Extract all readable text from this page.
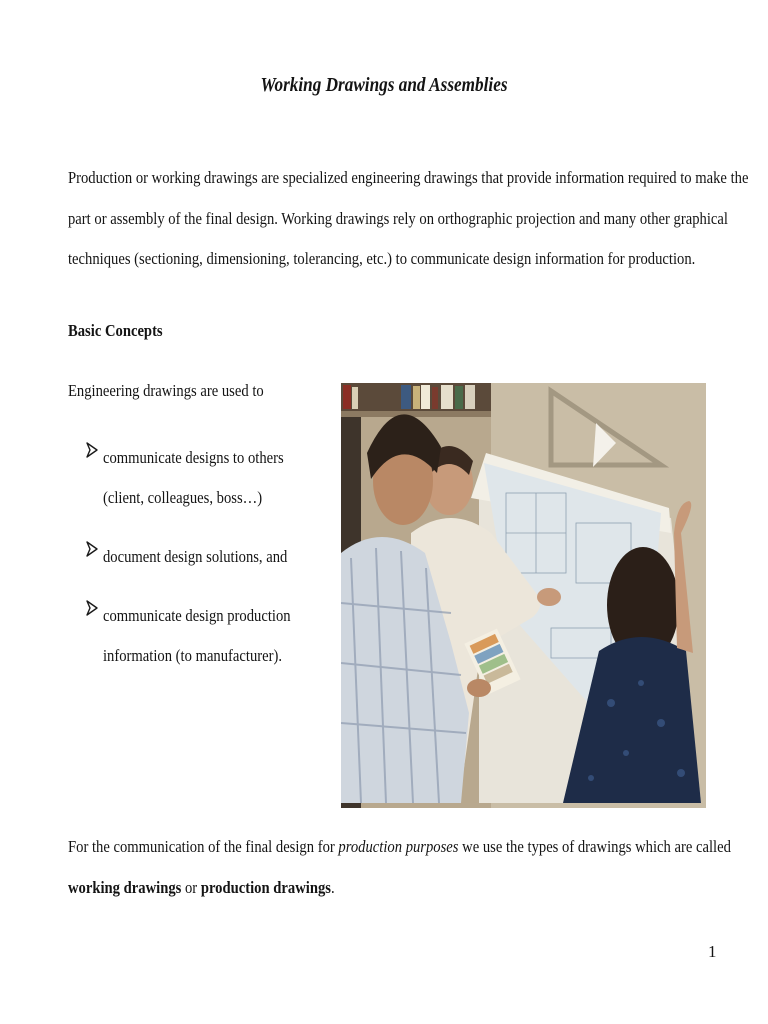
Working Drawings and Assemblies
Production or working drawings are specialized engineering drawings that provide information required to make the
part or assembly of the final design. Working drawings rely on orthographic projection and many other graphical
techniques (sectioning, dimensioning, tolerancing, etc.) to communicate design information for production.
Basic Concepts
Engineering drawings are used to
communicate designs to others
(client, colleagues, boss…)
document design solutions, and
communicate design production
information (to manufacturer).
For the communication of the final design for production purposes we use the types of drawings which are called
working drawings or production drawings.
1
